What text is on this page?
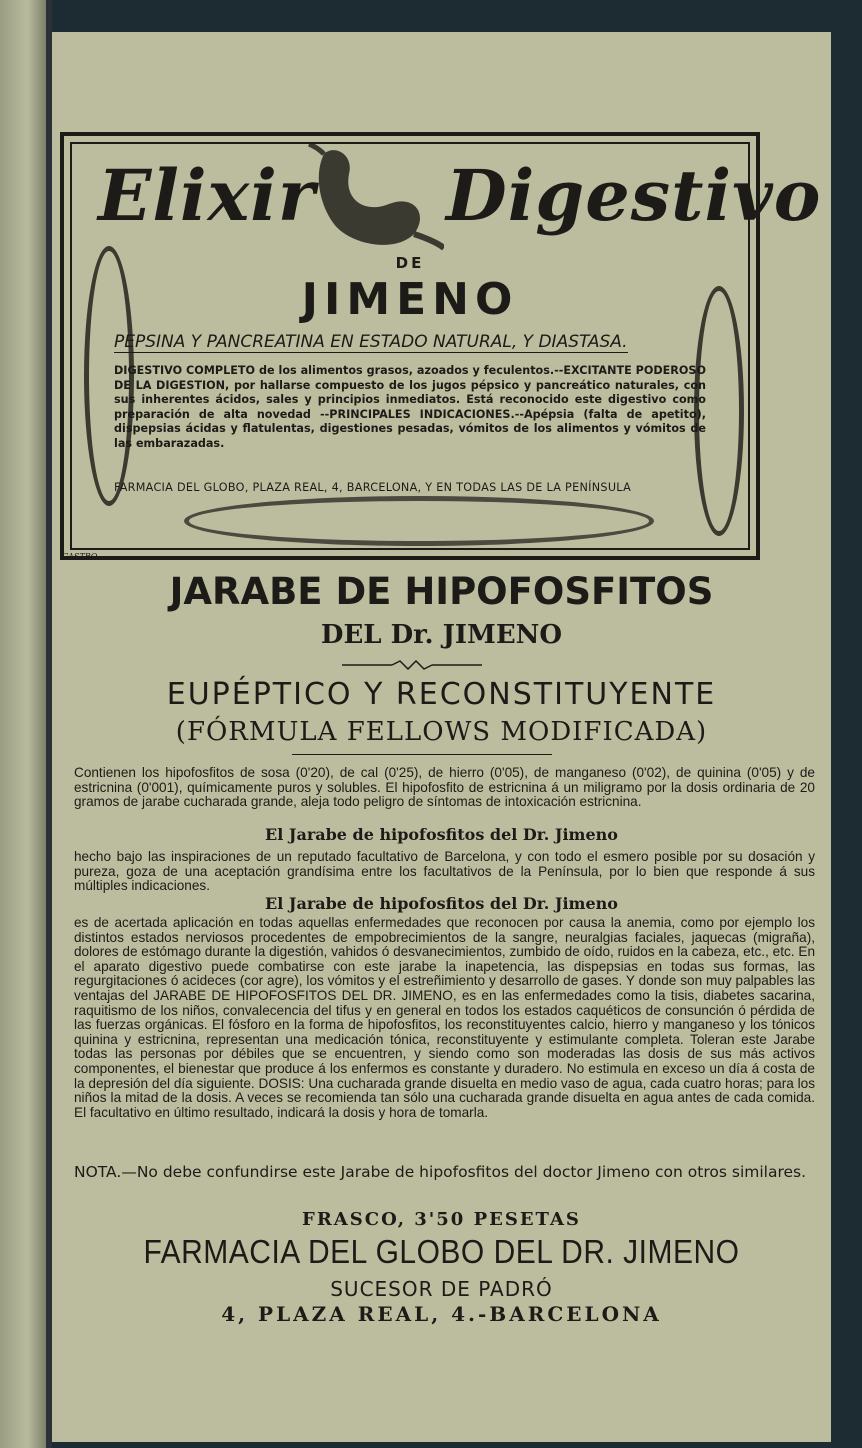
Elixir Digestivo
DE
JIMENO
PEPSINA Y PANCREATINA EN ESTADO NATURAL, Y DIASTASA.
DIGESTIVO COMPLETO de los alimentos grasos, azoados y feculentos.--EXCITANTE PODEROSO DE LA DIGESTION, por hallarse compuesto de los jugos pépsico y pancreático naturales, con sus inherentes ácidos, sales y principios inmediatos. Está reconocido este digestivo como preparación de alta novedad --PRINCIPALES INDICACIONES.--Apépsia (falta de apetito), dispepsias ácidas y flatulentas, digestiones pesadas, vómitos de los alimentos y vómitos de las embarazadas.
FARMACIA DEL GLOBO, PLAZA REAL, 4, BARCELONA, Y EN TODAS LAS DE LA PENÍNSULA
CASTRO
JARABE DE HIPOFOSFITOS
DEL Dr. JIMENO
EUPÉPTICO Y RECONSTITUYENTE
(FÓRMULA FELLOWS MODIFICADA)
Contienen los hipofosfitos de sosa (0'20), de cal (0'25), de hierro (0'05), de manganeso (0'02), de quinina (0'05) y de estricnina (0'001), químicamente puros y solubles. El hipofosfito de estricnina á un miligramo por la dosis ordinaria de 20 gramos de jarabe cucharada grande, aleja todo peligro de síntomas de intoxicación estricnina.
El Jarabe de hipofosfitos del Dr. Jimeno
hecho bajo las inspiraciones de un reputado facultativo de Barcelona, y con todo el esmero posible por su dosación y pureza, goza de una aceptación grandísima entre los facultativos de la Península, por lo bien que responde á sus múltiples indicaciones.
El Jarabe de hipofosfitos del Dr. Jimeno
es de acertada aplicación en todas aquellas enfermedades que reconocen por causa la anemia, como por ejemplo los distintos estados nerviosos procedentes de empobrecimientos de la sangre, neuralgias faciales, jaquecas (migraña), dolores de estómago durante la digestión, vahidos ó desvanecimientos, zumbido de oído, ruidos en la cabeza, etc., etc. En el aparato digestivo puede combatirse con este jarabe la inapetencia, las dispepsias en todas sus formas, las regurgitaciones ó acideces (cor agre), los vómitos y el estreñimiento y desarrollo de gases. Y donde son muy palpables las ventajas del JARABE DE HIPOFOSFITOS DEL DR. JIMENO, es en las enfermedades como la tisis, diabetes sacarina, raquitismo de los niños, convalecencia del tifus y en general en todos los estados caquéticos de consunción ó pérdida de las fuerzas orgánicas. El fósforo en la forma de hipofosfitos, los reconstituyentes calcio, hierro y manganeso y los tónicos quinina y estricnina, representan una medicación tónica, reconstituyente y estimulante completa. Toleran este Jarabe todas las personas por débiles que se encuentren, y siendo como son moderadas las dosis de sus más activos componentes, el bienestar que produce á los enfermos es constante y duradero. No estimula en exceso un día á costa de la depresión del día siguiente. DOSIS: Una cucharada grande disuelta en medio vaso de agua, cada cuatro horas; para los niños la mitad de la dosis. A veces se recomienda tan sólo una cucharada grande disuelta en agua antes de cada comida. El facultativo en último resultado, indicará la dosis y hora de tomarla.
NOTA.—No debe confundirse este Jarabe de hipofosfitos del doctor Jimeno con otros similares.
FRASCO, 3'50 PESETAS
FARMACIA DEL GLOBO DEL DR. JIMENO
SUCESOR DE PADRÓ
4, PLAZA REAL, 4.-BARCELONA
